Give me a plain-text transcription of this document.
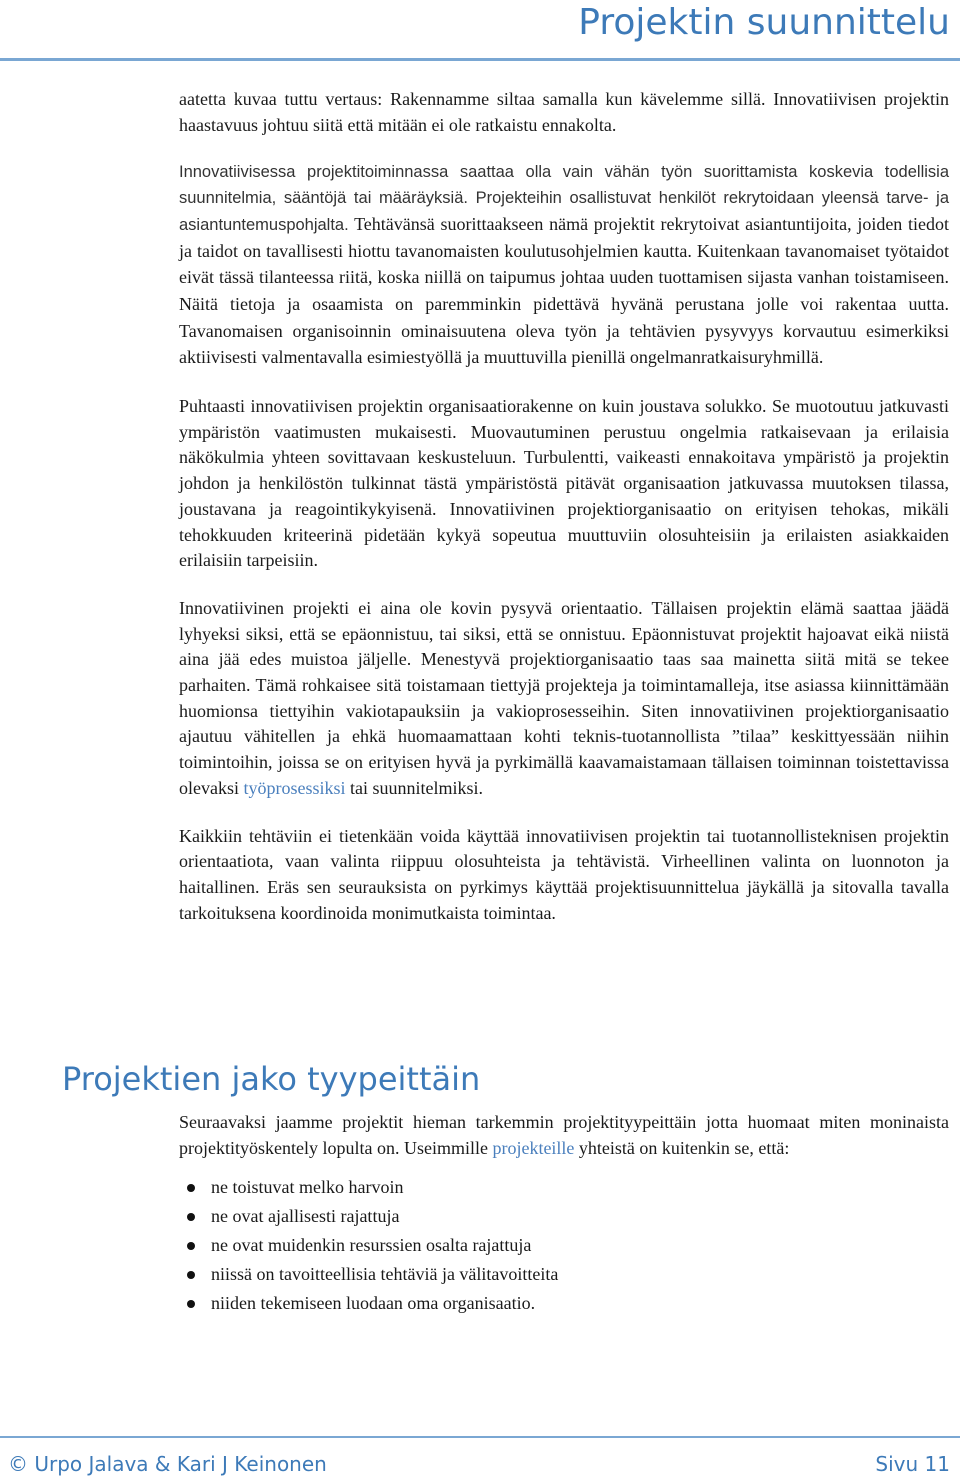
Projektin suunnittelu

aatetta kuvaa tuttu vertaus: Rakennamme siltaa samalla kun kävelemme sillä. Innovatiivisen projektin haastavuus johtuu siitä että mitään ei ole ratkaistu ennakolta.

Innovatiivisessa projektitoiminnassa saattaa olla vain vähän työn suorittamista koskevia todellisia suunnitelmia, sääntöjä tai määräyksiä. Projekteihin osallistuvat henkilöt rekrytoidaan yleensä tarve- ja asiantuntemuspohjalta. Tehtävänsä suorittaakseen nämä projektit rekrytoivat asiantuntijoita, joiden tiedot ja taidot on tavallisesti hiottu tavanomaisten koulutusohjelmien kautta. Kuitenkaan tavanomaiset työtaidot eivät tässä tilanteessa riitä, koska niillä on taipumus johtaa uuden tuottamisen sijasta vanhan toistamiseen. Näitä tietoja ja osaamista on paremminkin pidettävä hyvänä perustana jolle voi rakentaa uutta. Tavanomaisen organisoinnin ominaisuutena oleva työn ja tehtävien pysyvyys korvautuu esimerkiksi aktiivisesti valmentavalla esimiestyöllä ja muuttuvilla pienillä ongelmanratkaisuryhmillä.

Puhtaasti innovatiivisen projektin organisaatiorakenne on kuin joustava solukko. Se muotoutuu jatkuvasti ympäristön vaatimusten mukaisesti. Muovautuminen perustuu ongelmia ratkaisevaan ja erilaisia näkökulmia yhteen sovittavaan keskusteluun. Turbulentti, vaikeasti ennakoitava ympäristö ja projektin johdon ja henkilöstön tulkinnat tästä ympäristöstä pitävät organisaation jatkuvassa muutoksen tilassa, joustavana ja reagointikykyisenä. Innovatiivinen projektiorganisaatio on erityisen tehokas, mikäli tehokkuuden kriteerinä pidetään kykyä sopeutua muuttuviin olosuhteisiin ja erilaisten asiakkaiden erilaisiin tarpeisiin.

Innovatiivinen projekti ei aina ole kovin pysyvä orientaatio. Tällaisen projektin elämä saattaa jäädä lyhyeksi siksi, että se epäonnistuu, tai siksi, että se onnistuu. Epäonnistuvat projektit hajoavat eikä niistä aina jää edes muistoa jäljelle. Menestyvä projektiorganisaatio taas saa mainetta siitä mitä se tekee parhaiten. Tämä rohkaisee sitä toistamaan tiettyjä projekteja ja toimintamalleja, itse asiassa kiinnittämään huomionsa tiettyihin vakiotapauksiin ja vakioprosesseihin. Siten innovatiivinen projektiorganisaatio ajautuu vähitellen ja ehkä huomaamattaan kohti teknis-tuotannollista ”tilaa” keskittyessään niihin toimintoihin, joissa se on erityisen hyvä ja pyrkimällä kaavamaistamaan tällaisen toiminnan toistettavissa olevaksi työprosessiksi tai suunnitelmiksi.

Kaikkiin tehtäviin ei tietenkään voida käyttää innovatiivisen projektin tai tuotannollisteknisen projektin orientaatiota, vaan valinta riippuu olosuhteista ja tehtävistä. Virheellinen valinta on luonnoton ja haitallinen. Eräs sen seurauksista on pyrkimys käyttää projektisuunnittelua jäykällä ja sitovalla tavalla tarkoituksena koordinoida monimutkaista toimintaa.

Projektien jako tyypeittäin

Seuraavaksi jaamme projektit hieman tarkemmin projektityypeittäin jotta huomaat miten moninaista projektityöskentely lopulta on. Useimmille projekteille yhteistä on kuitenkin se, että:

ne toistuvat melko harvoin
ne ovat ajallisesti rajattuja
ne ovat muidenkin resurssien osalta rajattuja
niissä on tavoitteellisia tehtäviä ja välitavoitteita
niiden tekemiseen luodaan oma organisaatio.
© Urpo Jalava & Kari J Keinonen	Sivu 11
